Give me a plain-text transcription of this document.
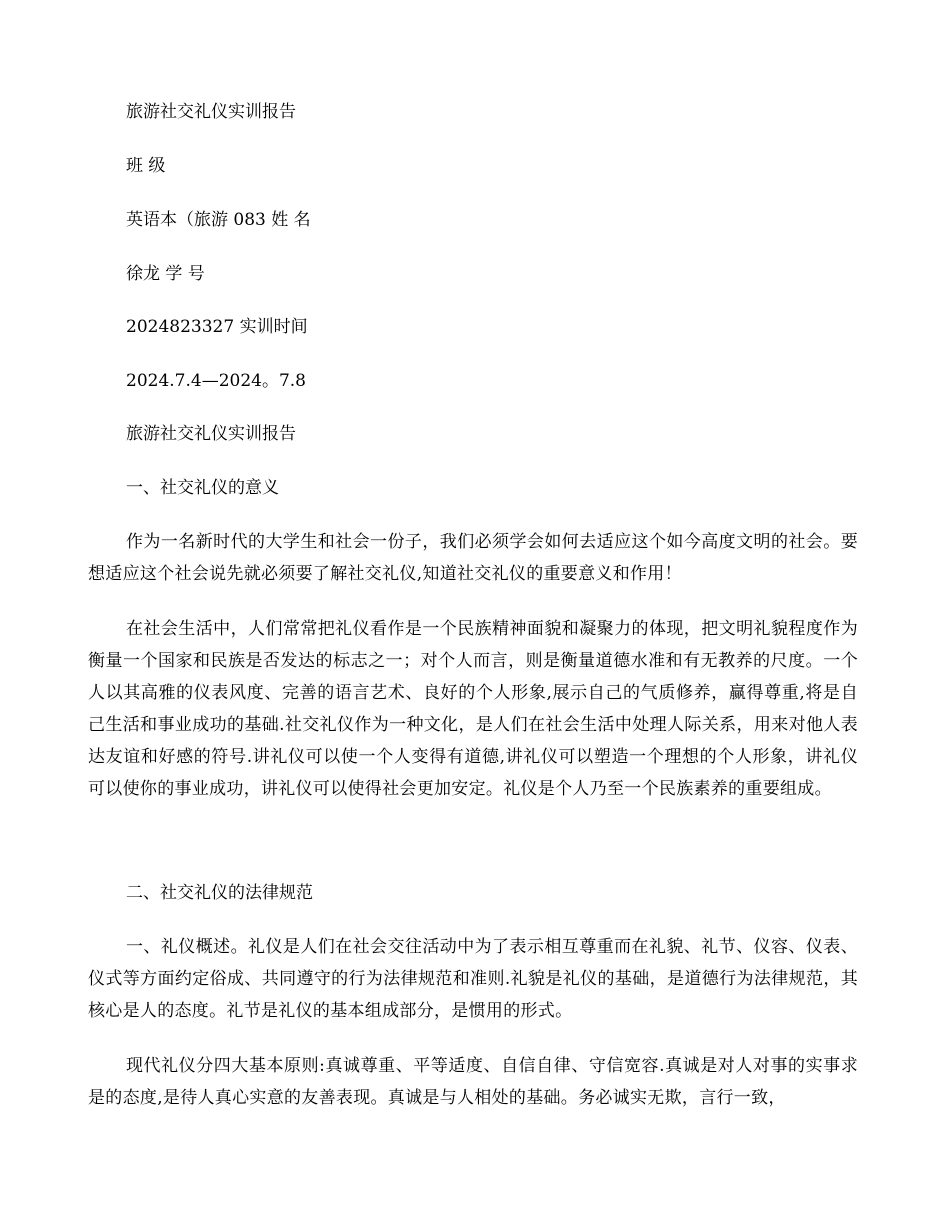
旅游社交礼仪实训报告

班 级

英语本（旅游 083 姓 名

徐龙 学 号

2024823327 实训时间

2024.7.4—2024。7.8

旅游社交礼仪实训报告

一、社交礼仪的意义

作为一名新时代的大学生和社会一份子，我们必须学会如何去适应这个如今高度文明的社会。要想适应这个社会说先就必须要了解社交礼仪,知道社交礼仪的重要意义和作用！

在社会生活中，人们常常把礼仪看作是一个民族精神面貌和凝聚力的体现，把文明礼貌程度作为衡量一个国家和民族是否发达的标志之一；对个人而言，则是衡量道德水准和有无教养的尺度。一个人以其高雅的仪表风度、完善的语言艺术、良好的个人形象,展示自己的气质修养，赢得尊重,将是自己生活和事业成功的基础.社交礼仪作为一种文化，是人们在社会生活中处理人际关系，用来对他人表达友谊和好感的符号.讲礼仪可以使一个人变得有道德,讲礼仪可以塑造一个理想的个人形象，讲礼仪可以使你的事业成功，讲礼仪可以使得社会更加安定。礼仪是个人乃至一个民族素养的重要组成。

二、社交礼仪的法律规范

一、礼仪概述。礼仪是人们在社会交往活动中为了表示相互尊重而在礼貌、礼节、仪容、仪表、仪式等方面约定俗成、共同遵守的行为法律规范和准则.礼貌是礼仪的基础，是道德行为法律规范，其核心是人的态度。礼节是礼仪的基本组成部分，是惯用的形式。

现代礼仪分四大基本原则:真诚尊重、平等适度、自信自律、守信宽容.真诚是对人对事的实事求是的态度,是待人真心实意的友善表现。真诚是与人相处的基础。务必诚实无欺，言行一致，
